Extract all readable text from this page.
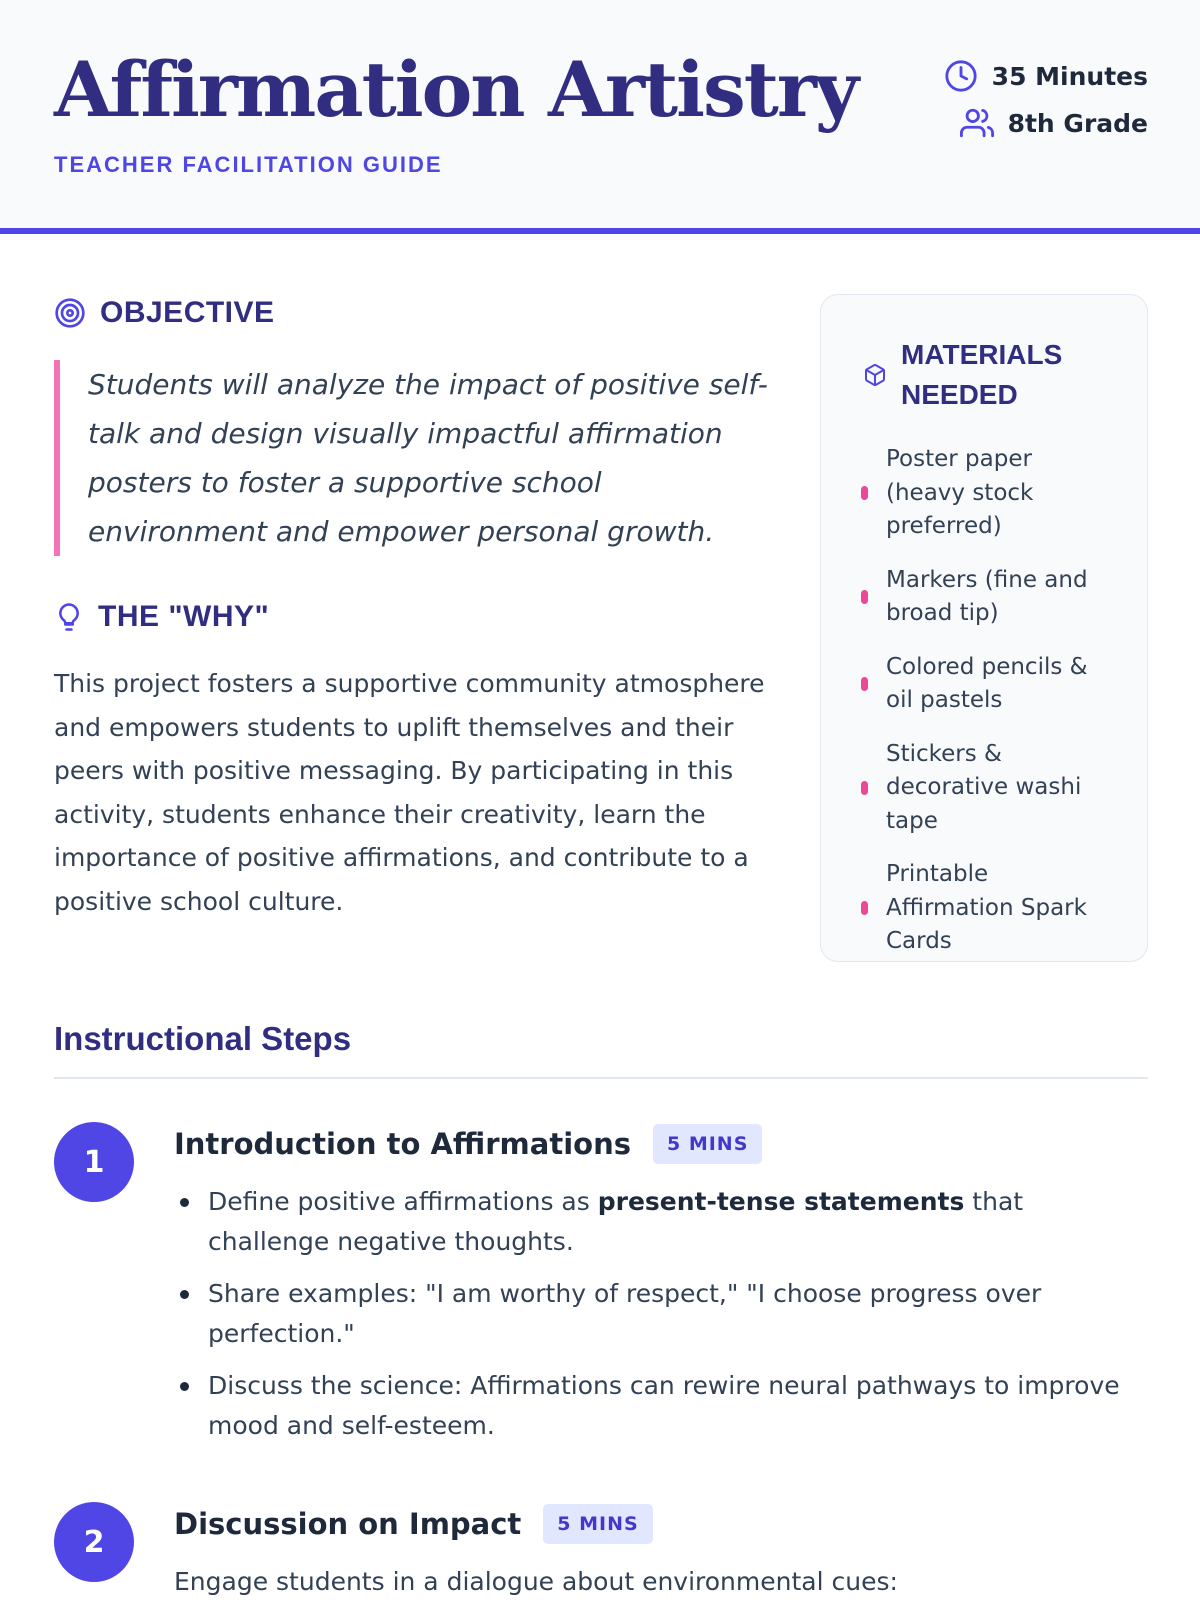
Affirmation Artistry
TEACHER FACILITATION GUIDE
35 Minutes
8th Grade
OBJECTIVE
Students will analyze the impact of positive self-talk and design visually impactful affirmation posters to foster a supportive school environment and empower personal growth.
THE "WHY"

This project fosters a supportive community atmosphere and empowers students to uplift themselves and their peers with positive messaging. By participating in this activity, students enhance their creativity, learn the importance of positive affirmations, and contribute to a positive school culture.

MATERIALS NEEDED
Poster paper (heavy stock preferred)
Markers (fine and broad tip)
Colored pencils & oil pastels
Stickers & decorative washi tape
Printable Affirmation Spark Cards
Instructional Steps
1
Introduction to Affirmations	5 MINS
Define positive affirmations as present-tense statements that challenge negative thoughts.
Share examples: "I am worthy of respect," "I choose progress over perfection."
Discuss the science: Affirmations can rewire neural pathways to improve mood and self-esteem.
2
Discussion on Impact	5 MINS

Engage students in a dialogue about environmental cues:
